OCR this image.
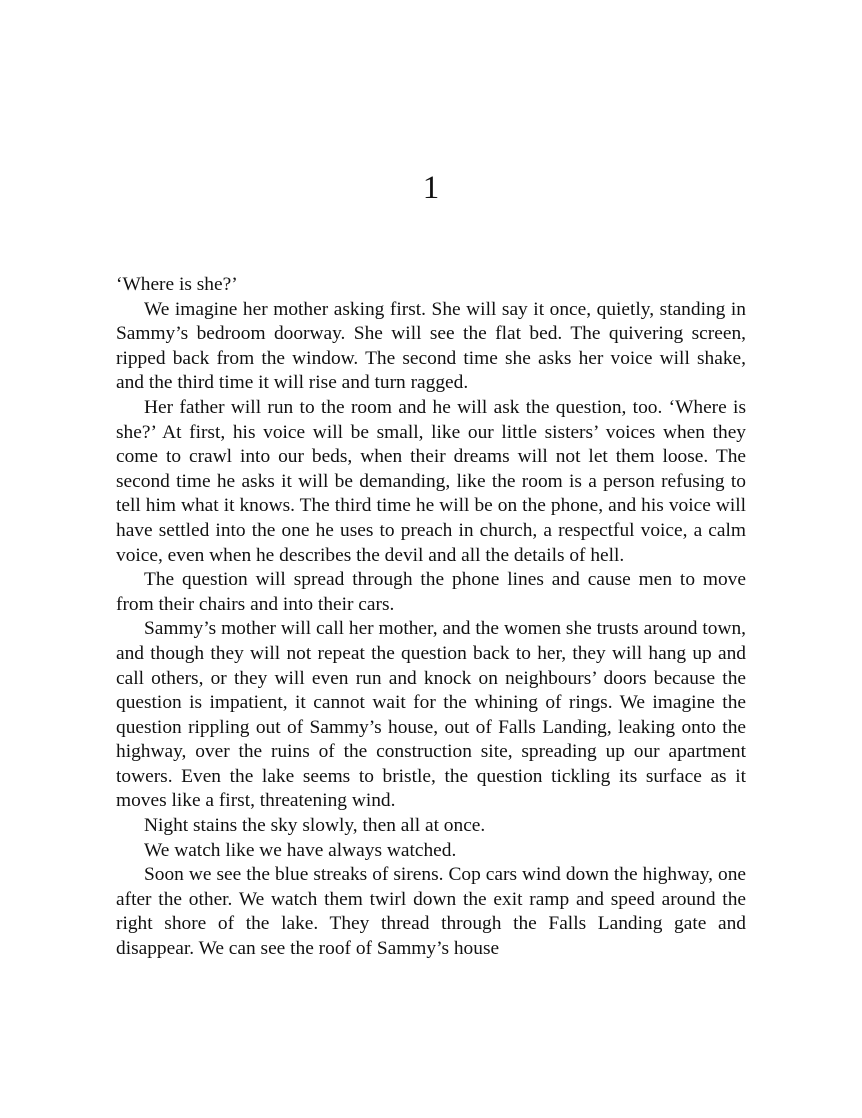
1

‘Where is she?’

We imagine her mother asking first. She will say it once, quietly, standing in Sammy’s bedroom doorway. She will see the flat bed. The quivering screen, ripped back from the window. The second time she asks her voice will shake, and the third time it will rise and turn ragged.

Her father will run to the room and he will ask the question, too. ‘Where is she?’ At first, his voice will be small, like our little sisters’ voices when they come to crawl into our beds, when their dreams will not let them loose. The second time he asks it will be demanding, like the room is a person refusing to tell him what it knows. The third time he will be on the phone, and his voice will have settled into the one he uses to preach in church, a respectful voice, a calm voice, even when he describes the devil and all the details of hell.

The question will spread through the phone lines and cause men to move from their chairs and into their cars.

Sammy’s mother will call her mother, and the women she trusts around town, and though they will not repeat the question back to her, they will hang up and call others, or they will even run and knock on neighbours’ doors because the question is impatient, it cannot wait for the whining of rings. We imagine the question rippling out of Sammy’s house, out of Falls Landing, leaking onto the highway, over the ruins of the construction site, spreading up our apartment towers. Even the lake seems to bristle, the question tickling its surface as it moves like a first, threatening wind.

Night stains the sky slowly, then all at once.

We watch like we have always watched.

Soon we see the blue streaks of sirens. Cop cars wind down the highway, one after the other. We watch them twirl down the exit ramp and speed around the right shore of the lake. They thread through the Falls Landing gate and disappear. We can see the roof of Sammy’s house
